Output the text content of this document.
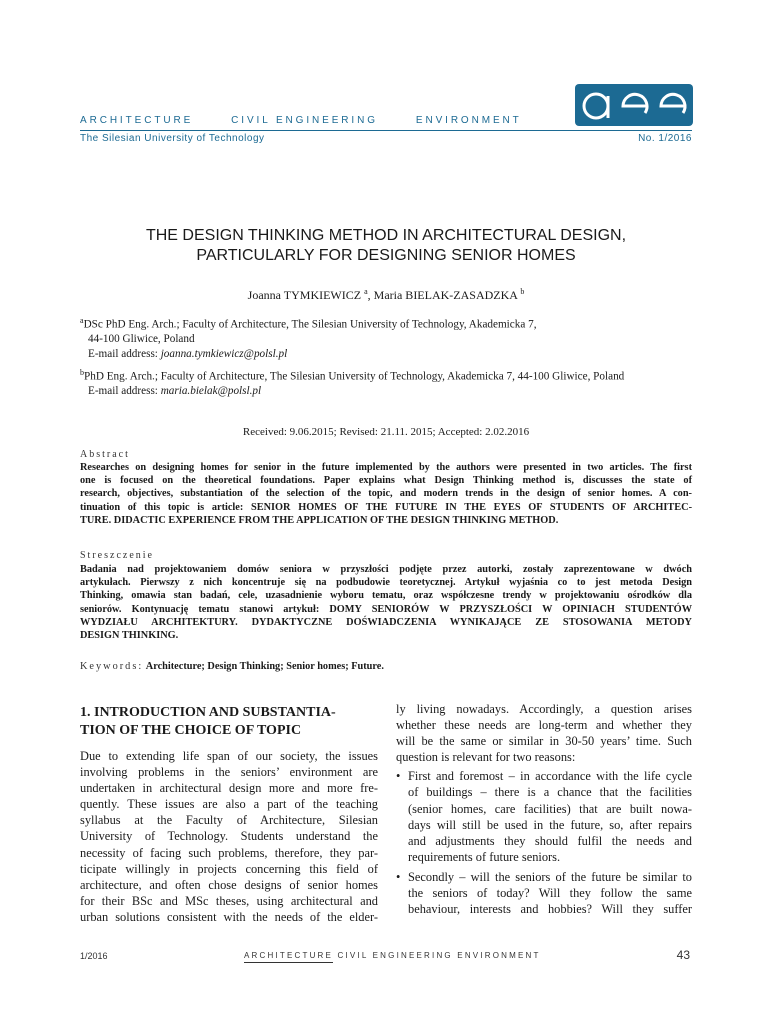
ARCHITECTURE	CIVIL ENGINEERING	ENVIRONMENT
The Silesian University of Technology	No. 1/2016
THE DESIGN THINKING METHOD IN ARCHITECTURAL DESIGN,
PARTICULARLY FOR DESIGNING SENIOR HOMES
Joanna TYMKIEWICZ $^a$, Maria BIELAK-ZASADZKA $^b$
$^a$DSc PhD Eng. Arch.; Faculty of Architecture, The Silesian University of Technology, Akademicka 7,
44-100 Gliwice, Poland
E-mail address: joanna.tymkiewicz@polsl.pl
$^b$PhD Eng. Arch.; Faculty of Architecture, The Silesian University of Technology, Akademicka 7, 44-100 Gliwice, Poland
E-mail address: maria.bielak@polsl.pl
Received: 9.06.2015; Revised: 21.11. 2015; Accepted: 2.02.2016
Abstract
Researches on designing homes for senior in the future implemented by the authors were presented in two articles. The first
one is focused on the theoretical foundations. Paper explains what Design Thinking method is, discusses the state of
research, objectives, substantiation of the selection of the topic, and modern trends in the design of senior homes. A con-
tinuation of this topic is article: SENIOR HOMES OF THE FUTURE IN THE EYES OF STUDENTS OF ARCHITEC-
TURE. DIDACTIC EXPERIENCE FROM THE APPLICATION OF THE DESIGN THINKING METHOD.
Streszczenie
Badania nad projektowaniem domów seniora w przyszłości podjęte przez autorki, zostały zaprezentowane w dwóch
artykułach. Pierwszy z nich koncentruje się na podbudowie teoretycznej. Artykuł wyjaśnia co to jest metoda Design
Thinking, omawia stan badań, cele, uzasadnienie wyboru tematu, oraz współczesne trendy w projektowaniu ośrodków dla
seniorów. Kontynuację tematu stanowi artykuł: DOMY SENIORÓW W PRZYSZŁOŚCI W OPINIACH STUDENTÓW
WYDZIAŁU ARCHITEKTURY. DYDAKTYCZNE DOŚWIADCZENIA WYNIKAJĄCE ZE STOSOWANIA METODY
DESIGN THINKING.
Keywords: Architecture; Design Thinking; Senior homes; Future.
1. INTRODUCTION AND SUBSTANTIA-
TION OF THE CHOICE OF TOPIC
Due to extending life span of our society, the issues
involving problems in the seniors’ environment are
undertaken in architectural design more and more fre-
quently. These issues are also a part of the teaching
syllabus at the Faculty of Architecture, Silesian
University of Technology. Students understand the
necessity of facing such problems, therefore, they par-
ticipate willingly in projects concerning this field of
architecture, and often chose designs of senior homes
for their BSc and MSc theses, using architectural and
urban solutions consistent with the needs of the elder-
ly living nowadays. Accordingly, a question arises
whether these needs are long-term and whether they
will be the same or similar in 30-50 years’ time. Such
question is relevant for two reasons:
• First and foremost – in accordance with the life cycle
of buildings – there is a chance that the facilities
(senior homes, care facilities) that are built nowa-
days will still be used in the future, so, after repairs
and adjustments they should fulfil the needs and
requirements of future seniors.
• Secondly – will the seniors of the future be similar to
the seniors of today? Will they follow the same
behaviour, interests and hobbies? Will they suffer
1/2016	ARCHITECTURE CIVIL ENGINEERING ENVIRONMENT	43
